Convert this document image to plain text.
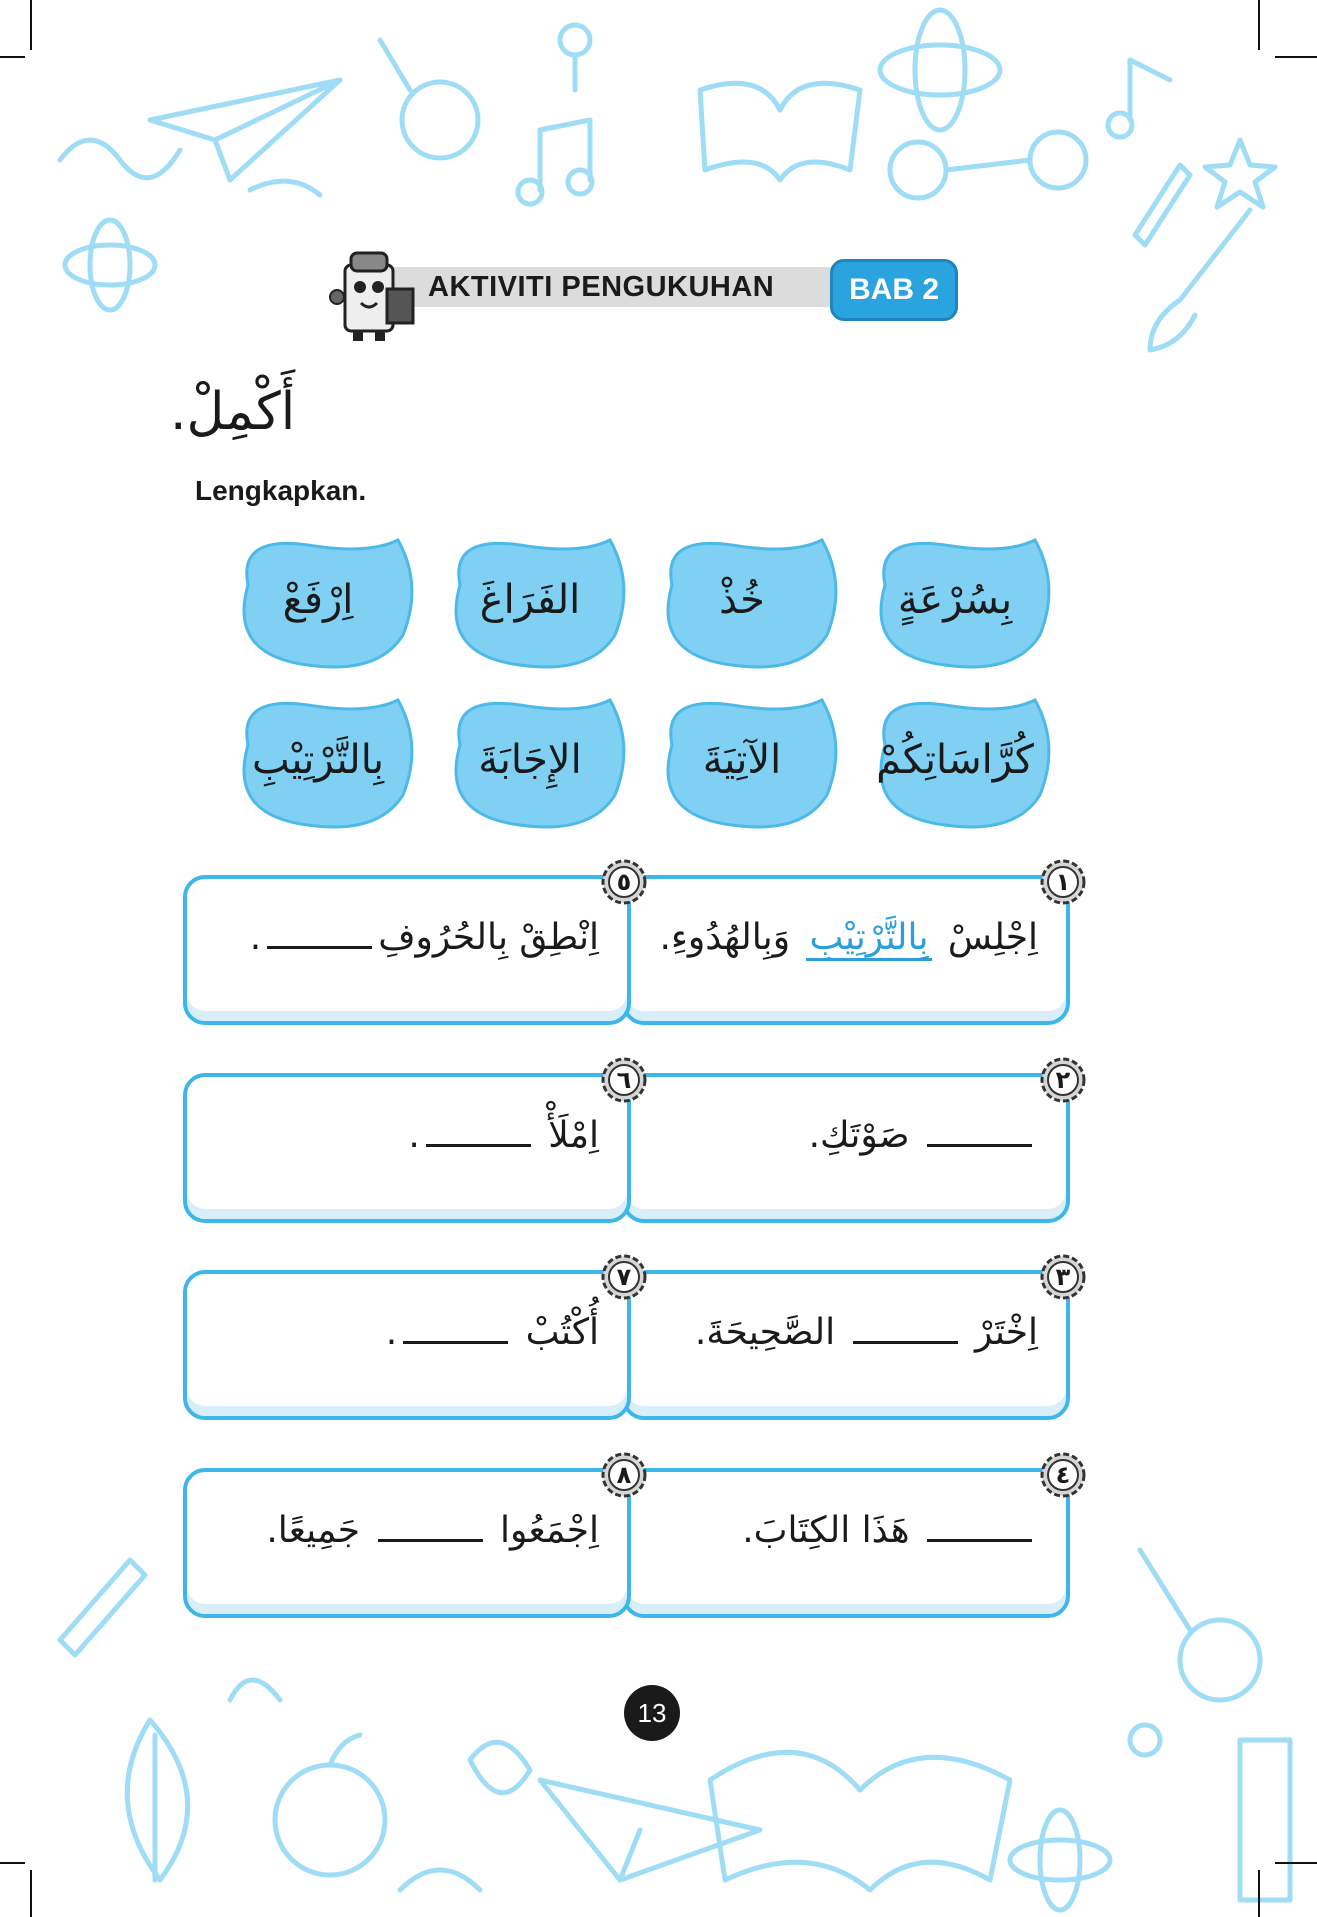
AKTIVITI PENGUKUHAN	BAB 2
أَكْمِلْ.
Lengkapkan.
بِسُرْعَةٍ
خُذْ
الفَرَاغَ
اِرْفَعْ
كُرَّاسَاتِكُمْ
الآتِيَةَ
الإِجَابَةَ
بِالتَّرْتِيْبِ
اِجْلِسْ بِالتَّرْتِيْبِ وَبِالهُدُوءِ.
١
صَوْتَكِ.
٢
اِخْتَرْ  الصَّحِيحَةَ.
٣
هَذَا الكِتَابَ.
٤
اِنْطِقْ بِالحُرُوفِ.
٥
اِمْلَأْ .
٦
أُكْتُبْ .
٧
اِجْمَعُوا  جَمِيعًا.
٨
13
